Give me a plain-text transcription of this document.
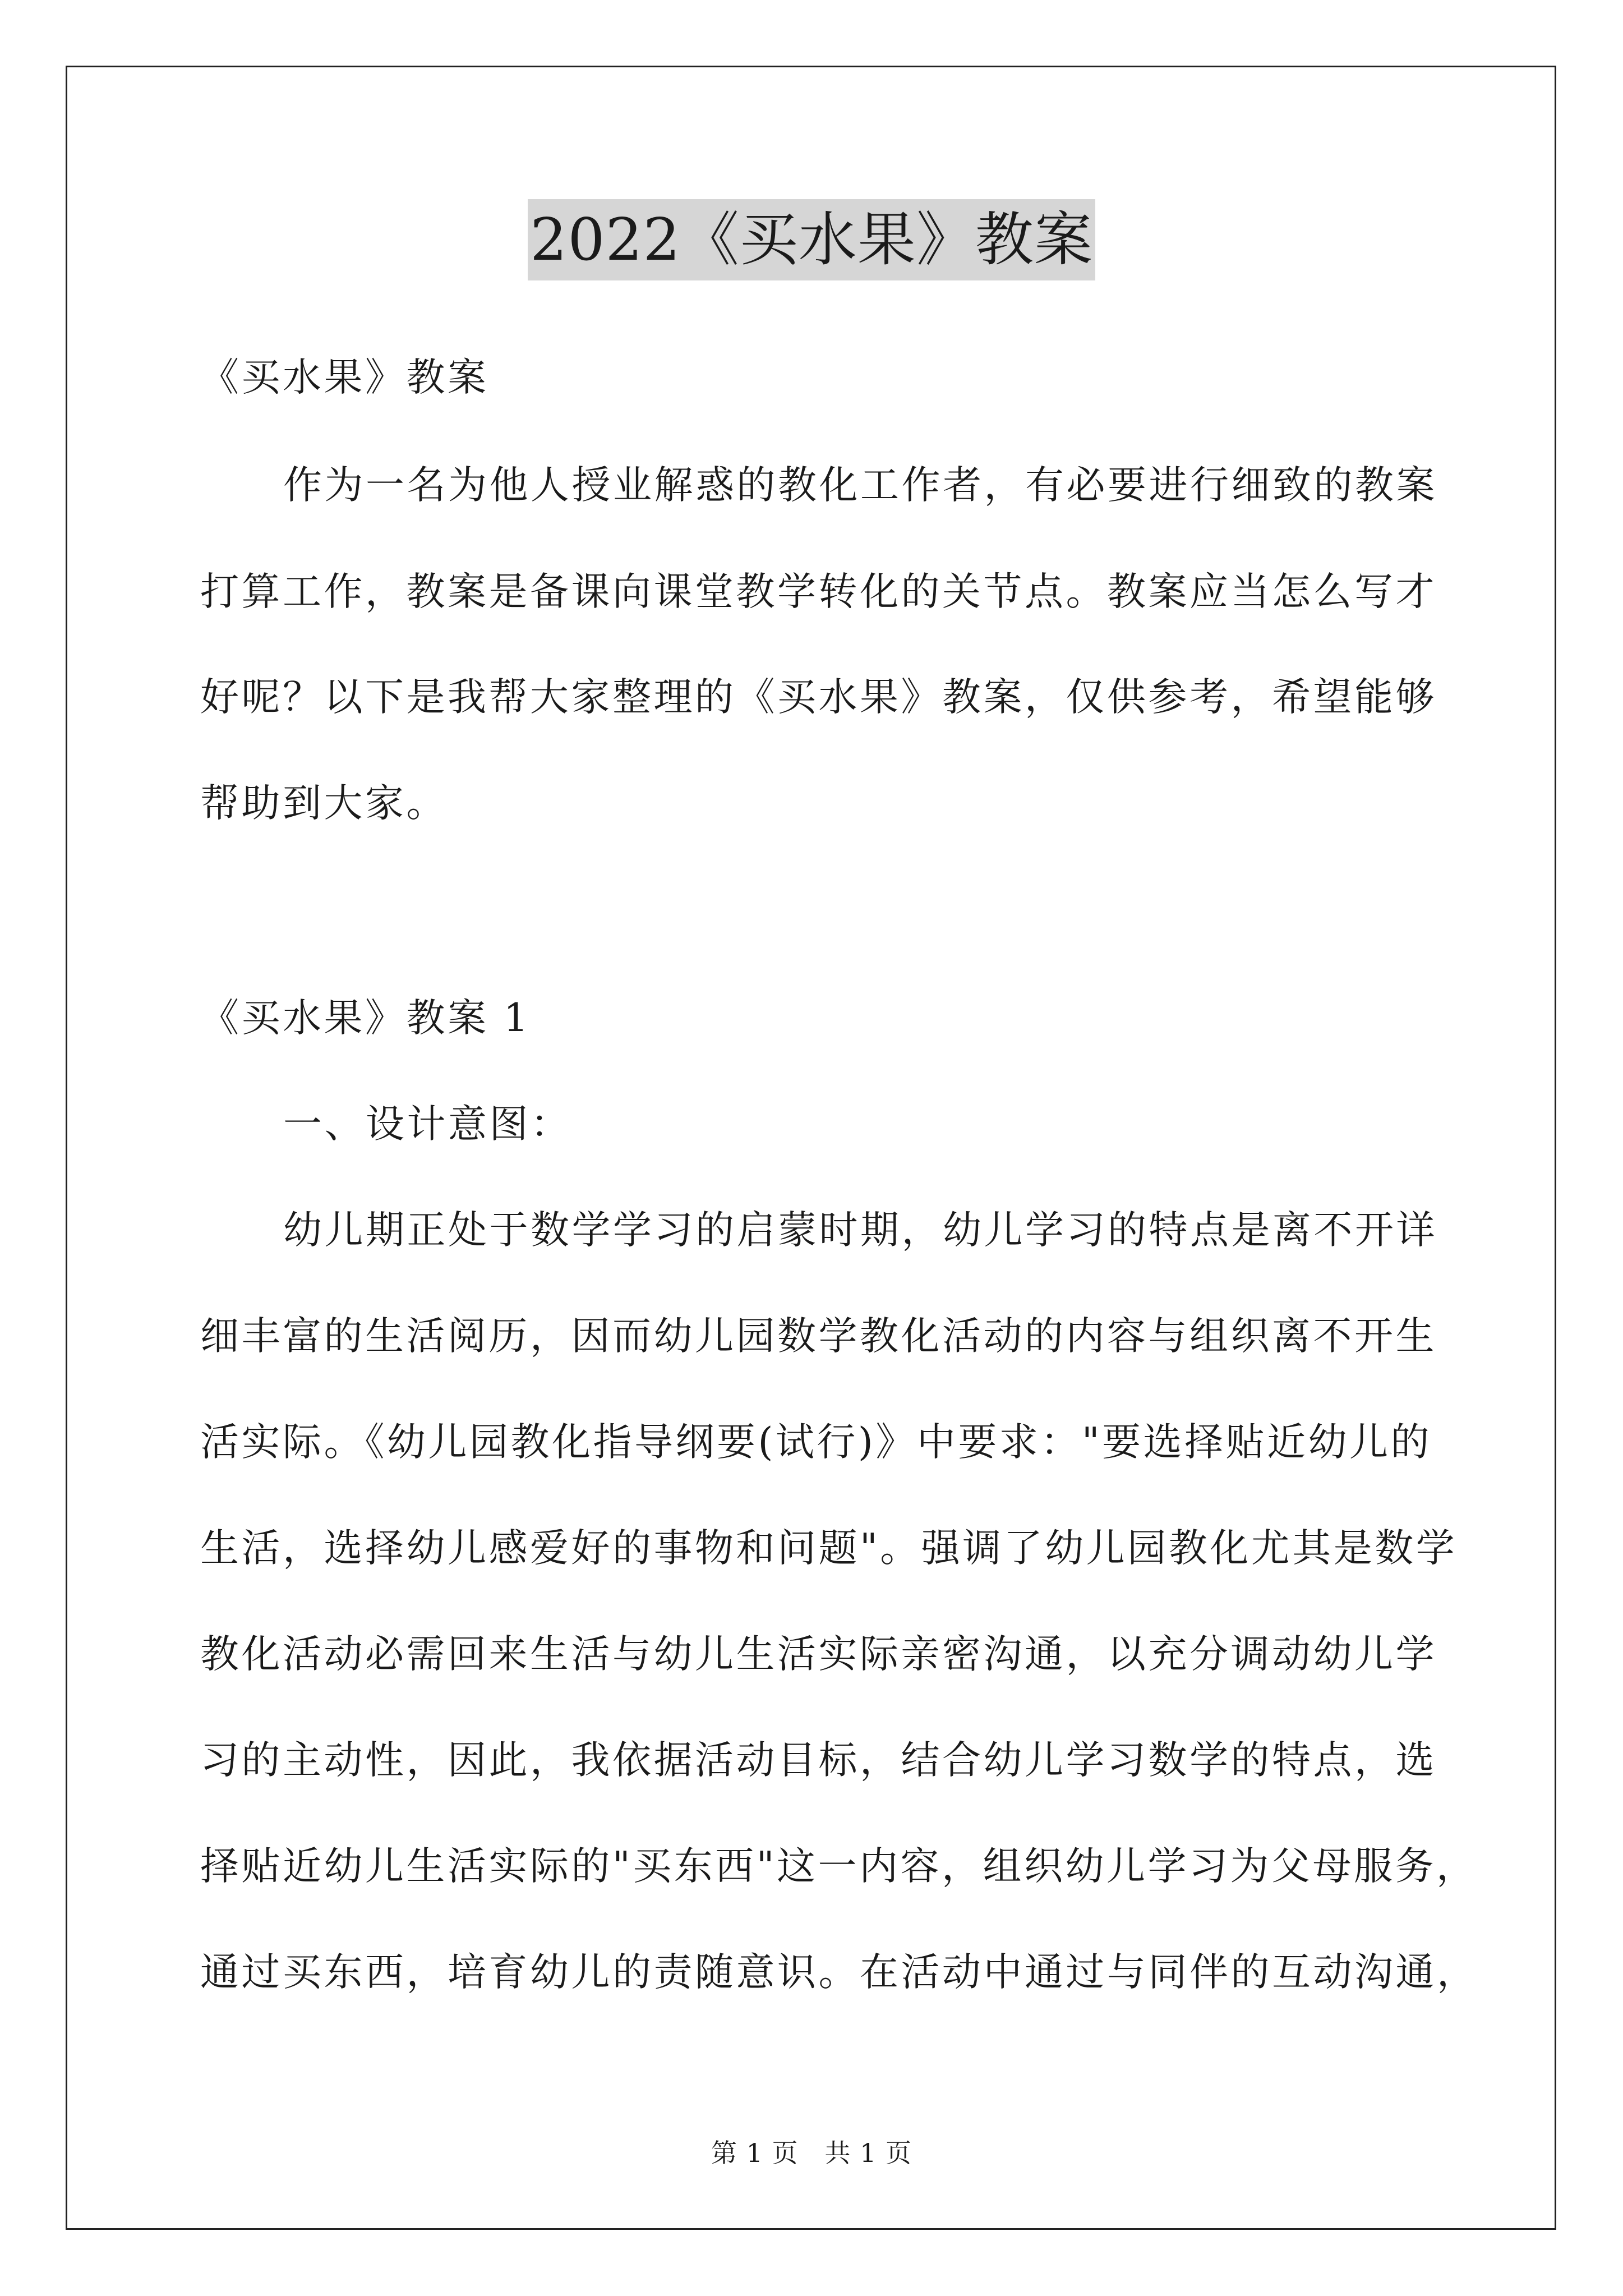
2022《买水果》教案
《买水果》教案
作为一名为他人授业解惑的教化工作者，有必要进行细致的教案
打算工作，教案是备课向课堂教学转化的关节点。教案应当怎么写才
好呢？以下是我帮大家整理的《买水果》教案，仅供参考，希望能够
帮助到大家。
《买水果》教案 1
一、设计意图：
幼儿期正处于数学学习的启蒙时期，幼儿学习的特点是离不开详
细丰富的生活阅历，因而幼儿园数学教化活动的内容与组织离不开生
活实际。《幼儿园教化指导纲要(试行)》中要求："要选择贴近幼儿的
生活，选择幼儿感爱好的事物和问题"。强调了幼儿园教化尤其是数学
教化活动必需回来生活与幼儿生活实际亲密沟通，以充分调动幼儿学
习的主动性，因此，我依据活动目标，结合幼儿学习数学的特点，选
择贴近幼儿生活实际的"买东西"这一内容，组织幼儿学习为父母服务，
通过买东西，培育幼儿的责随意识。在活动中通过与同伴的互动沟通，
第 1 页　共 1 页
